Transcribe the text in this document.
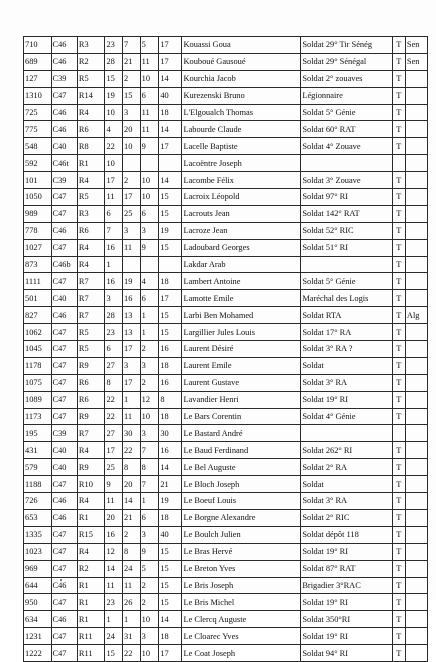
710	C46	R3	23	7	5	17	Kouassi Goua	Soldat 29° Tir Sénég	T	Sen
689	C46	R2	28	21	11	17	Kouboué Gausoué	Soldat 29° Sénégal	T	Sen
127	C39	R5	15	2	10	14	Kourchia Jacob	Soldat 2° zouaves	T	
1310	C47	R14	19	15	6	40	Kurezenski Bruno	Légionnaire	T	
725	C46	R4	10	3	11	18	L'Elgoualch Thomas	Soldat 5° Génie	T	
775	C46	R6	4	20	11	14	Labourde Claude	Soldat 60° RAT	T	
548	C40	R8	22	10	9	17	Lacelle Baptiste	Soldat 4° Zouave	T	
592	C46t	R1	10				Lacoëntre Joseph			
101	C39	R4	17	2	10	14	Lacombe Félix	Soldat 3° Zouave	T	
1050	C47	R5	11	17	10	15	Lacroix Léopold	Soldat 97° RI	T	
989	C47	R3	6	25	6	15	Lacrouts Jean	Soldat 142° RAT	T	
778	C46	R6	7	3	3	19	Lacroze Jean	Soldat 52° RIC	T	
1027	C47	R4	16	11	9	15	Ladoubard Georges	Soldat 51° RI	T	
873	C46b	R4	1				Lakdar Arab		T	
1111	C47	R7	16	19	4	18	Lambert Antoine	Soldat 5° Génie	T	
501	C40	R7	3	16	6	17	Lamotte Emile	Maréchal des Logis	T	
827	C46	R7	28	13	1	15	Larbi Ben Mohamed	Soldat RTA	T	Alg
1062	C47	R5	23	13	1	15	Largillier Jules Louis	Soldat 17° RA	T	
1045	C47	R5	6	17	2	16	Laurent Désiré	Soldat 3° RA ?	T	
1178	C47	R9	27	3	3	18	Laurent Emile	Soldat	T	
1075	C47	R6	8	17	2	16	Laurent Gustave	Soldat 3° RA	T	
1089	C47	R6	22	1	12	8	Lavandier Henri	Soldat 19° RI	T	
1173	C47	R9	22	11	10	18	Le Bars Corentin	Soldat 4° Génie	T	
195	C39	R7	27	30	3	30	Le Bastard André			
431	C40	R4	17	22	7	16	Le Baud Ferdinand	Soldat 262° RI	T	
579	C40	R9	25	8	8	14	Le Bel Auguste	Soldat 2° RA	T	
1188	C47	R10	9	20	7	21	Le Bloch Joseph	Soldat	T	
726	C46	R4	11	14	1	19	Le Boeuf Louis	Soldat 3° RA	T	
653	C46	R1	20	21	6	18	Le Borgne Alexandre	Soldat 2° RIC	T	
1335	C47	R15	16	2	3	40	Le Boulch Julien	Soldat dépôt 118	T	
1023	C47	R4	12	8	9	15	Le Bras Hervé	Soldat 19° RI	T	
969	C47	R2	14	24	5	15	Le Breton Yves	Soldat 87° RAT	T	
644	C46	R1	11	11	2	15	Le Bris Joseph	Brigadier 3°RAC	T	
950	C47	R1	23	26	2	15	Le Bris Michel	Soldat 19° RI	T	
634	C46	R1	1	1	10	14	Le Clercq Auguste	Soldat 350°RI	T	
1231	C47	R11	24	31	3	18	Le Cloarec Yves	Soldat 19° RI	T	
1222	C47	R11	15	22	10	17	Le Coat Joseph	Soldat 94° RI	T	
